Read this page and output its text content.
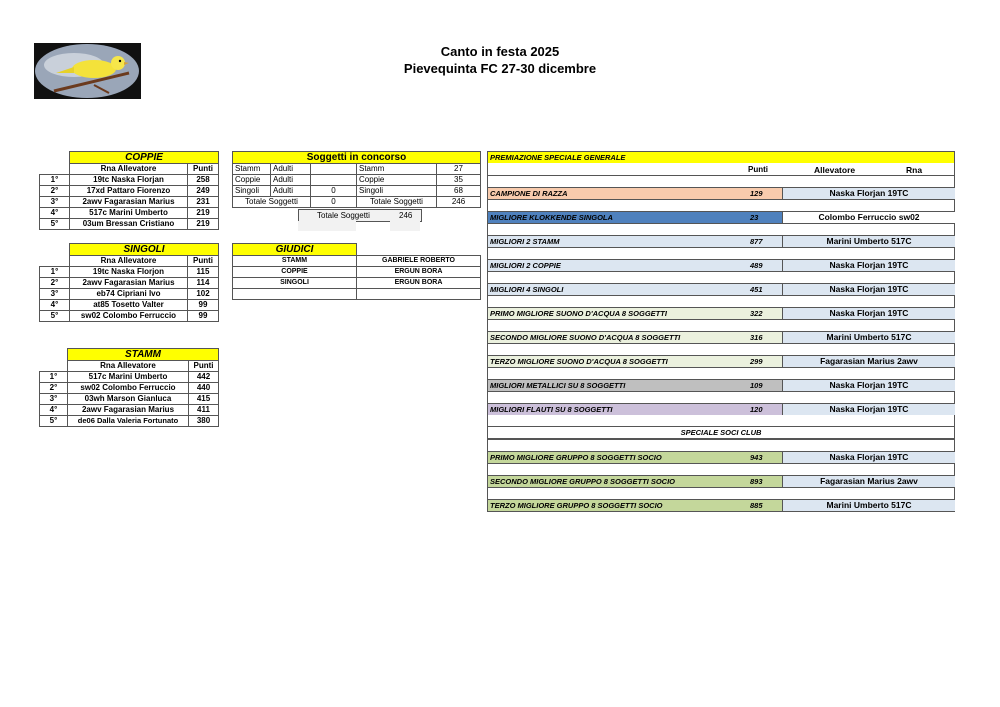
Canto in festa 2025
Pievequinta FC 27-30 dicembre
	COPPIE	
	Rna Allevatore	Punti
1°	19tc Naska Florjan	258
2°	17xd Pattaro Fiorenzo	249
3°	2awv Fagarasian Marius	231
4°	517c Marini Umberto	219
5°	03um Bressan Cristiano	219
	SINGOLI	
	Rna Allevatore	Punti
1°	19tc Naska Florjon	115
2°	2awv Fagarasian Marius	114
3°	eb74 Cipriani Ivo	102
4°	at85 Tosetto Valter	99
5°	sw02 Colombo Ferruccio	99
	STAMM	
	Rna Allevatore	Punti
1°	517c Marini Umberto	442
2°	sw02 Colombo Ferruccio	440
3°	03wh Marson Gianluca	415
4°	2awv Fagarasian Marius	411
5°	de06 Dalla Valeria Fortunato	380
Soggetti in concorso				
Stamm	Adulti		Stamm	27
Coppie	Adulti		Coppie	35
Singoli	Adulti	0	Singoli	68
Totale Soggetti		0	Totale Soggetti	246
Totale Soggetti	246
GIUDICI	
STAMM	GABRIELE ROBERTO
COPPIE	ERGUN BORA
SINGOLI	ERGUN BORA

PREMIAZIONE SPECIALE GENERALE
Punti	Allevatore	Rna
CAMPIONE DI RAZZA	129	Naska Florjan 19TC
MIGLIORE KLOKKENDE SINGOLA	23	Colombo Ferruccio sw02
MIGLIORI 2 STAMM	877	Marini Umberto 517C
MIGLIORI 2 COPPIE	489	Naska Florjan 19TC
MIGLIORI 4 SINGOLI	451	Naska Florjan 19TC
PRIMO MIGLIORE SUONO D'ACQUA 8 SOGGETTI	322	Naska Florjan 19TC
SECONDO MIGLIORE SUONO D'ACQUA 8 SOGGETTI	316	Marini Umberto 517C
TERZO MIGLIORE SUONO D'ACQUA 8 SOGGETTI	299	Fagarasian Marius 2awv
MIGLIORI METALLICI SU 8 SOGGETTI	109	Naska Florjan 19TC
MIGLIORI FLAUTI SU 8 SOGGETTI	120	Naska Florjan 19TC
SPECIALE SOCI CLUB
PRIMO MIGLIORE GRUPPO 8 SOGGETTI SOCIO	943	Naska Florjan 19TC
SECONDO MIGLIORE GRUPPO 8 SOGGETTI SOCIO	893	Fagarasian Marius 2awv
TERZO MIGLIORE GRUPPO 8 SOGGETTI SOCIO	885	Marini Umberto 517C
